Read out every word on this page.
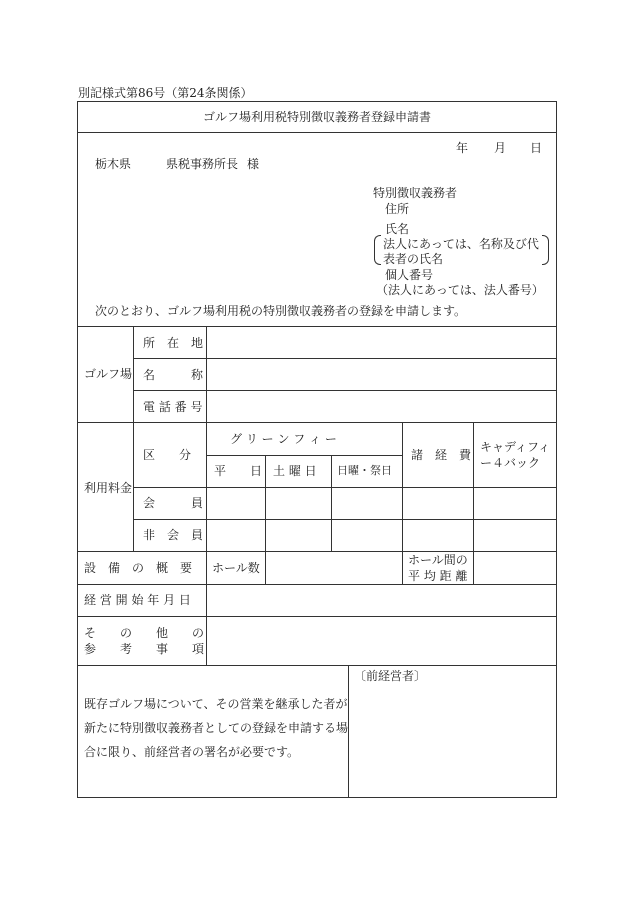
別記様式第86号（第24条関係）
ゴルフ場利用税特別徴収義務者登録申請書
年 月 日
栃木県	県税事務所長 様
特別徴収義務者
住所
氏名
法人にあっては、名称及び代
表者の氏名
個人番号
（法人にあっては、法人番号）
次のとおり、ゴルフ場利用税の特別徴収義務者の登録を申請します。
ゴルフ場
所　在　地
名　　　称
電 話 番 号
利用料金
区　　分
グ リ ー ン フ ィ ー
平　　日 土 曜 日 日曜・祭日
諸　経　費
キャディフィ
ー４バック
会　　　員
非　会　員
設　備　の　概　要 ホール数
ホール間の
平 均 距 離
経 営 開 始 年 月 日
そ　　の　　他　　の
参　　考　　事　　項
〔前経営者〕
既存ゴルフ場について、その営業を継承した者が
新たに特別徴収義務者としての登録を申請する場
合に限り、前経営者の署名が必要です。
